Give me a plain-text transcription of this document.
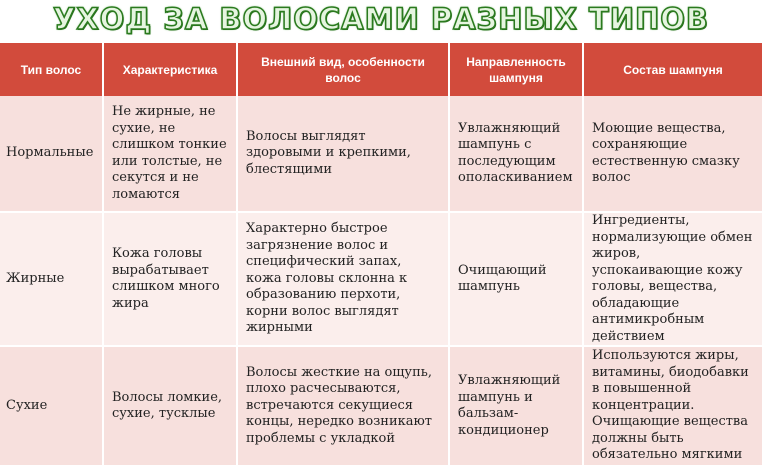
УХОД ЗА ВОЛОСАМИ РАЗНЫХ ТИПОВ
Тип волос	Характеристика	Внешний вид, особенности волос	Направленность шампуня	Состав шампуня
Нормальные	Не жирные, не сухие, не слишком тонкие или толстые, не секутся и не ломаются	Волосы выглядят здоровыми и крепкими, блестящими	Увлажняющий шампунь с последующим ополаскиванием	Моющие вещества, сохраняющие естественную смазку волос
Жирные	Кожа головы вырабатывает слишком много жира	Характерно быстрое загрязнение волос и специфический запах, кожа головы склонна к образованию перхоти, корни волос выглядят жирными	Очищающий шампунь	Ингредиенты, нормализующие обмен жиров, успокаивающие кожу головы, вещества, обладающие антимикробным действием
Сухие	Волосы ломкие, сухие, тусклые	Волосы жесткие на ощупь, плохо расчесываются, встречаются секущиеся концы, нередко возникают проблемы с укладкой	Увлажняющий шампунь и бальзам-кондиционер	Используются жиры, витамины, биодобавки в повышенной концентрации. Очищающие вещества должны быть обязательно мягкими
